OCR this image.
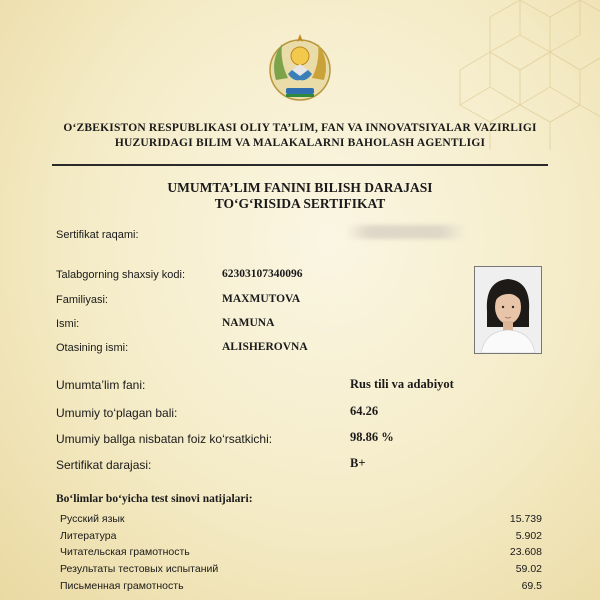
O‘ZBEKISTON RESPUBLIKASI OLIY TA’LIM, FAN VA INNOVATSIYALAR VAZIRLIGI
HUZURIDAGI BILIM VA MALAKALARNI BAHOLASH AGENTLIGI
UMUMTA’LIM FANINI BILISH DARAJASI
TO‘G‘RISIDA SERTIFIKAT
Sertifikat raqami:
Talabgorning shaxsiy kodi:	62303107340096
Familiyasi:	MAXMUTOVA
Ismi:	NAMUNA
Otasining ismi:	ALISHEROVNA
Umumta’lim fani:	Rus tili va adabiyot
Umumiy to‘plagan bali:	64.26
Umumiy ballga nisbatan foiz ko‘rsatkichi:	98.86 %
Sertifikat darajasi:	B+
Bo‘limlar bo‘yicha test sinovi natijalari:
Русский язык	15.739
Литература	5.902
Читательская грамотность	23.608
Результаты тестовых испытаний	59.02
Письменная грамотность	69.5
